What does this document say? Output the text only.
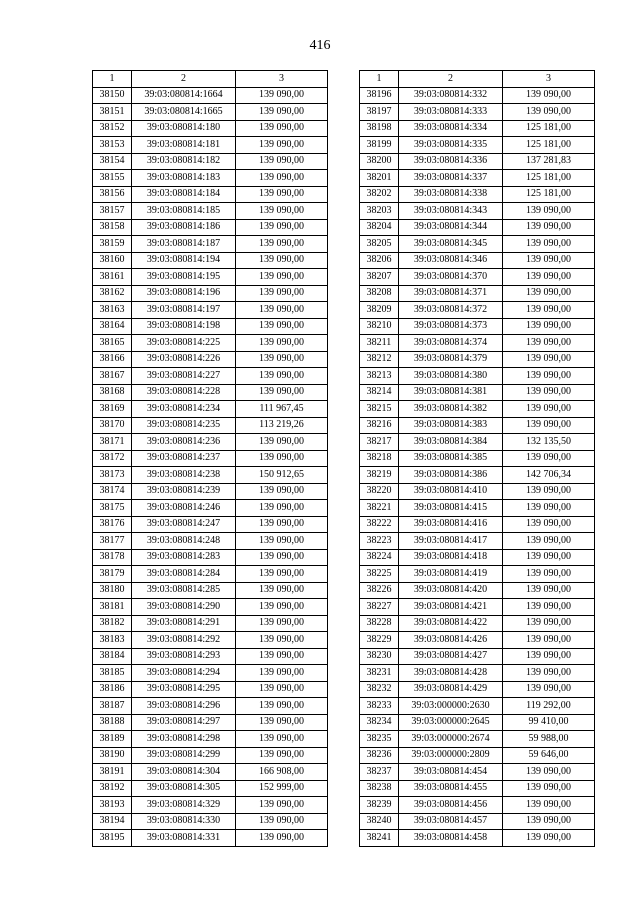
416
1	2	3
38150	39:03:080814:1664	139 090,00
38151	39:03:080814:1665	139 090,00
38152	39:03:080814:180	139 090,00
38153	39:03:080814:181	139 090,00
38154	39:03:080814:182	139 090,00
38155	39:03:080814:183	139 090,00
38156	39:03:080814:184	139 090,00
38157	39:03:080814:185	139 090,00
38158	39:03:080814:186	139 090,00
38159	39:03:080814:187	139 090,00
38160	39:03:080814:194	139 090,00
38161	39:03:080814:195	139 090,00
38162	39:03:080814:196	139 090,00
38163	39:03:080814:197	139 090,00
38164	39:03:080814:198	139 090,00
38165	39:03:080814:225	139 090,00
38166	39:03:080814:226	139 090,00
38167	39:03:080814:227	139 090,00
38168	39:03:080814:228	139 090,00
38169	39:03:080814:234	111 967,45
38170	39:03:080814:235	113 219,26
38171	39:03:080814:236	139 090,00
38172	39:03:080814:237	139 090,00
38173	39:03:080814:238	150 912,65
38174	39:03:080814:239	139 090,00
38175	39:03:080814:246	139 090,00
38176	39:03:080814:247	139 090,00
38177	39:03:080814:248	139 090,00
38178	39:03:080814:283	139 090,00
38179	39:03:080814:284	139 090,00
38180	39:03:080814:285	139 090,00
38181	39:03:080814:290	139 090,00
38182	39:03:080814:291	139 090,00
38183	39:03:080814:292	139 090,00
38184	39:03:080814:293	139 090,00
38185	39:03:080814:294	139 090,00
38186	39:03:080814:295	139 090,00
38187	39:03:080814:296	139 090,00
38188	39:03:080814:297	139 090,00
38189	39:03:080814:298	139 090,00
38190	39:03:080814:299	139 090,00
38191	39:03:080814:304	166 908,00
38192	39:03:080814:305	152 999,00
38193	39:03:080814:329	139 090,00
38194	39:03:080814:330	139 090,00
38195	39:03:080814:331	139 090,00
1	2	3
38196	39:03:080814:332	139 090,00
38197	39:03:080814:333	139 090,00
38198	39:03:080814:334	125 181,00
38199	39:03:080814:335	125 181,00
38200	39:03:080814:336	137 281,83
38201	39:03:080814:337	125 181,00
38202	39:03:080814:338	125 181,00
38203	39:03:080814:343	139 090,00
38204	39:03:080814:344	139 090,00
38205	39:03:080814:345	139 090,00
38206	39:03:080814:346	139 090,00
38207	39:03:080814:370	139 090,00
38208	39:03:080814:371	139 090,00
38209	39:03:080814:372	139 090,00
38210	39:03:080814:373	139 090,00
38211	39:03:080814:374	139 090,00
38212	39:03:080814:379	139 090,00
38213	39:03:080814:380	139 090,00
38214	39:03:080814:381	139 090,00
38215	39:03:080814:382	139 090,00
38216	39:03:080814:383	139 090,00
38217	39:03:080814:384	132 135,50
38218	39:03:080814:385	139 090,00
38219	39:03:080814:386	142 706,34
38220	39:03:080814:410	139 090,00
38221	39:03:080814:415	139 090,00
38222	39:03:080814:416	139 090,00
38223	39:03:080814:417	139 090,00
38224	39:03:080814:418	139 090,00
38225	39:03:080814:419	139 090,00
38226	39:03:080814:420	139 090,00
38227	39:03:080814:421	139 090,00
38228	39:03:080814:422	139 090,00
38229	39:03:080814:426	139 090,00
38230	39:03:080814:427	139 090,00
38231	39:03:080814:428	139 090,00
38232	39:03:080814:429	139 090,00
38233	39:03:000000:2630	119 292,00
38234	39:03:000000:2645	99 410,00
38235	39:03:000000:2674	59 988,00
38236	39:03:000000:2809	59 646,00
38237	39:03:080814:454	139 090,00
38238	39:03:080814:455	139 090,00
38239	39:03:080814:456	139 090,00
38240	39:03:080814:457	139 090,00
38241	39:03:080814:458	139 090,00
